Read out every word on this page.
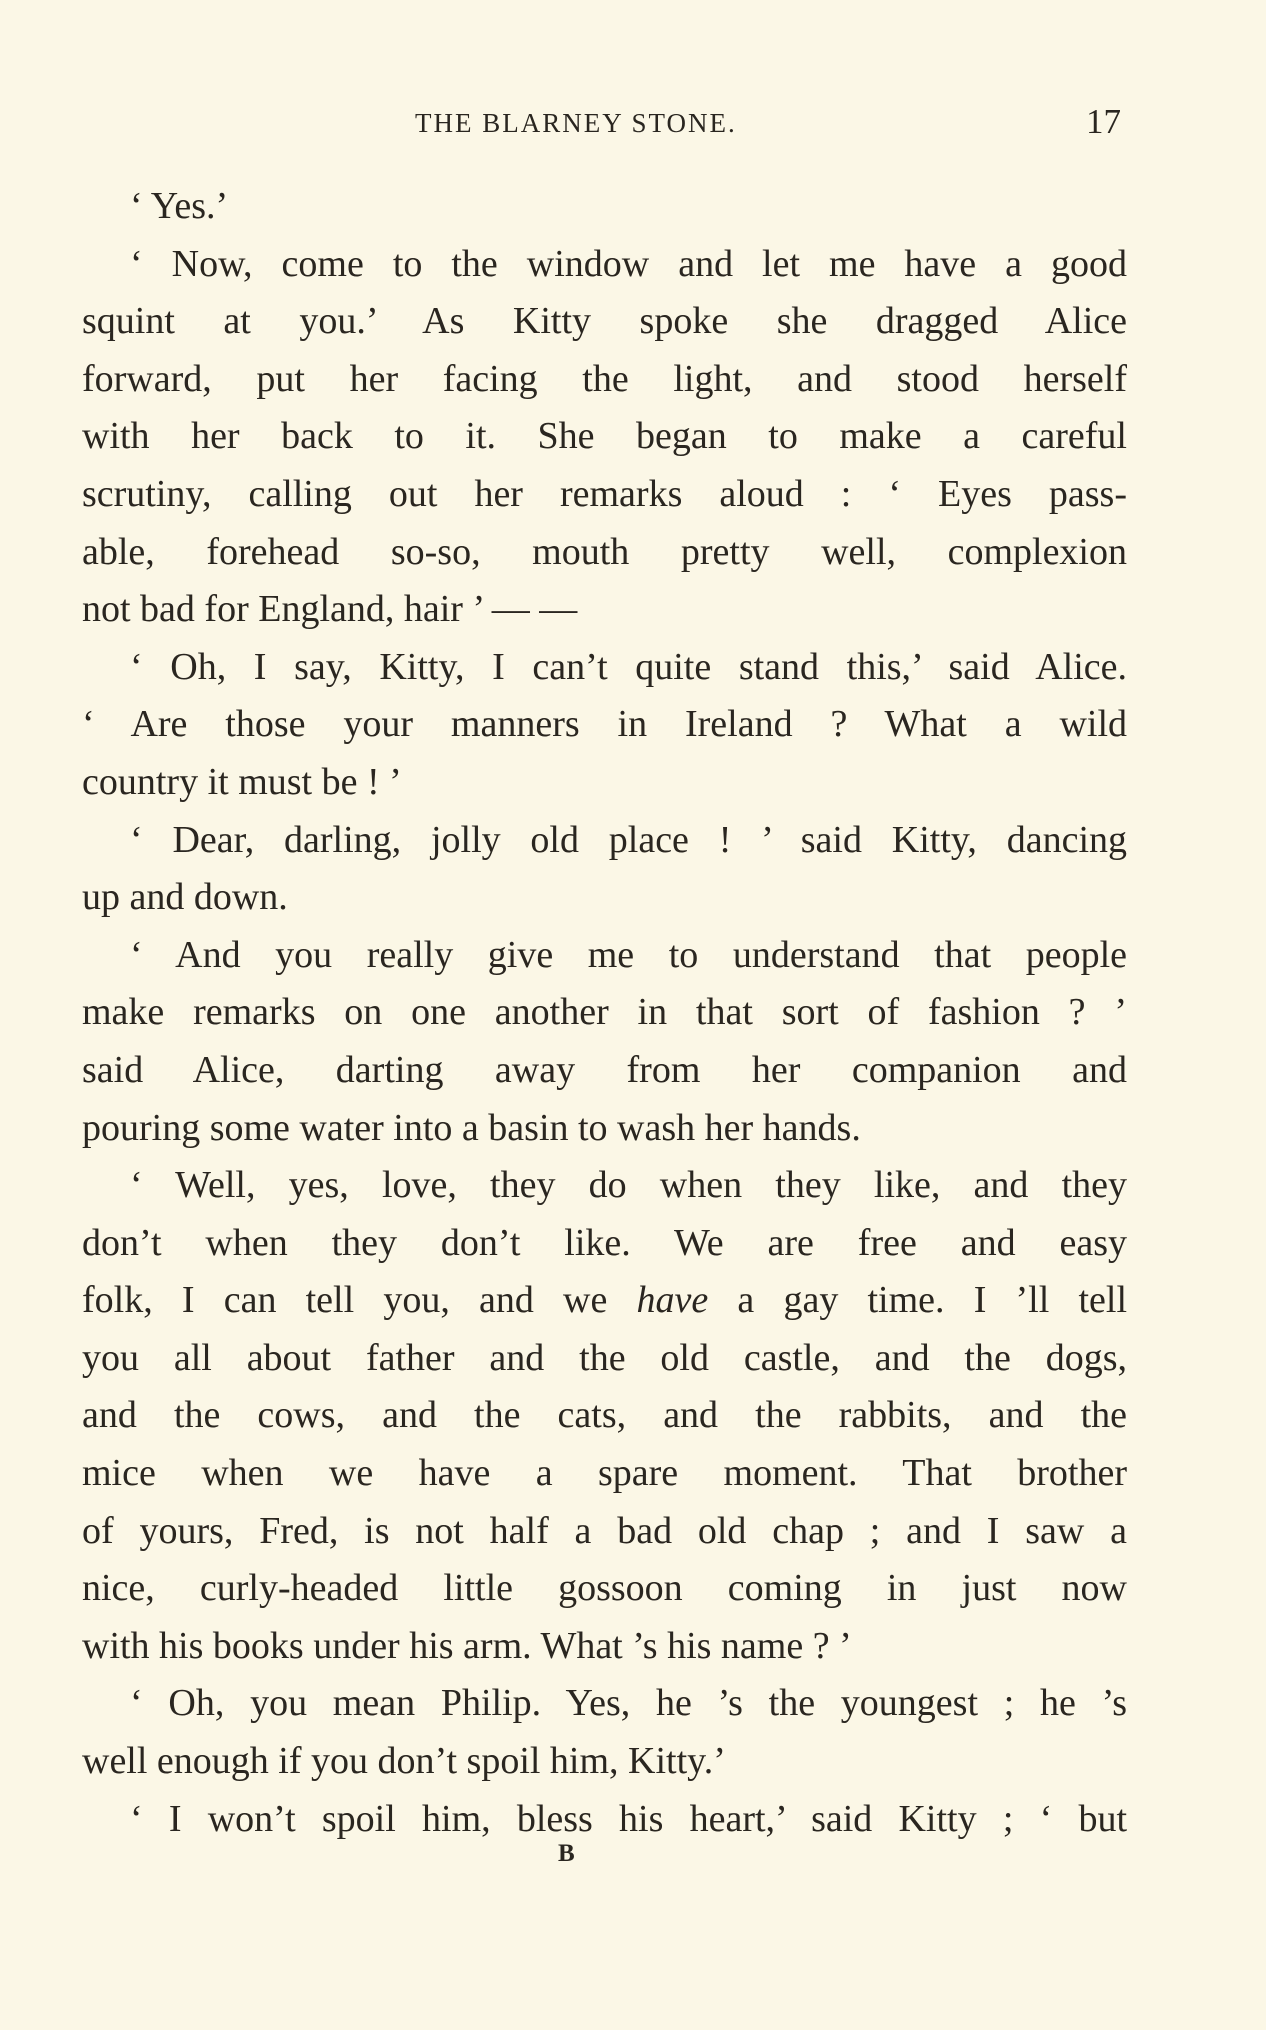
THE BLARNEY STONE.	17
‘ Yes.’
‘ Now, come to the window and let me have a good
squint at you.’ As Kitty spoke she dragged Alice
forward, put her facing the light, and stood herself
with her back to it. She began to make a careful
scrutiny, calling out her remarks aloud : ‘ Eyes pass-
able, forehead so-so, mouth pretty well, complexion
not bad for England, hair ’ — —
‘ Oh, I say, Kitty, I can’t quite stand this,’ said Alice.
‘ Are those your manners in Ireland ? What a wild
country it must be ! ’
‘ Dear, darling, jolly old place ! ’ said Kitty, dancing
up and down.
‘ And you really give me to understand that people
make remarks on one another in that sort of fashion ? ’
said Alice, darting away from her companion and
pouring some water into a basin to wash her hands.
‘ Well, yes, love, they do when they like, and they
don’t when they don’t like. We are free and easy
folk, I can tell you, and we have a gay time. I ’ll tell
you all about father and the old castle, and the dogs,
and the cows, and the cats, and the rabbits, and the
mice when we have a spare moment. That brother
of yours, Fred, is not half a bad old chap ; and I saw a
nice, curly-headed little gossoon coming in just now
with his books under his arm. What ’s his name ? ’
‘ Oh, you mean Philip. Yes, he ’s the youngest ; he ’s
well enough if you don’t spoil him, Kitty.’
‘ I won’t spoil him, bless his heart,’ said Kitty ; ‘ but
B
